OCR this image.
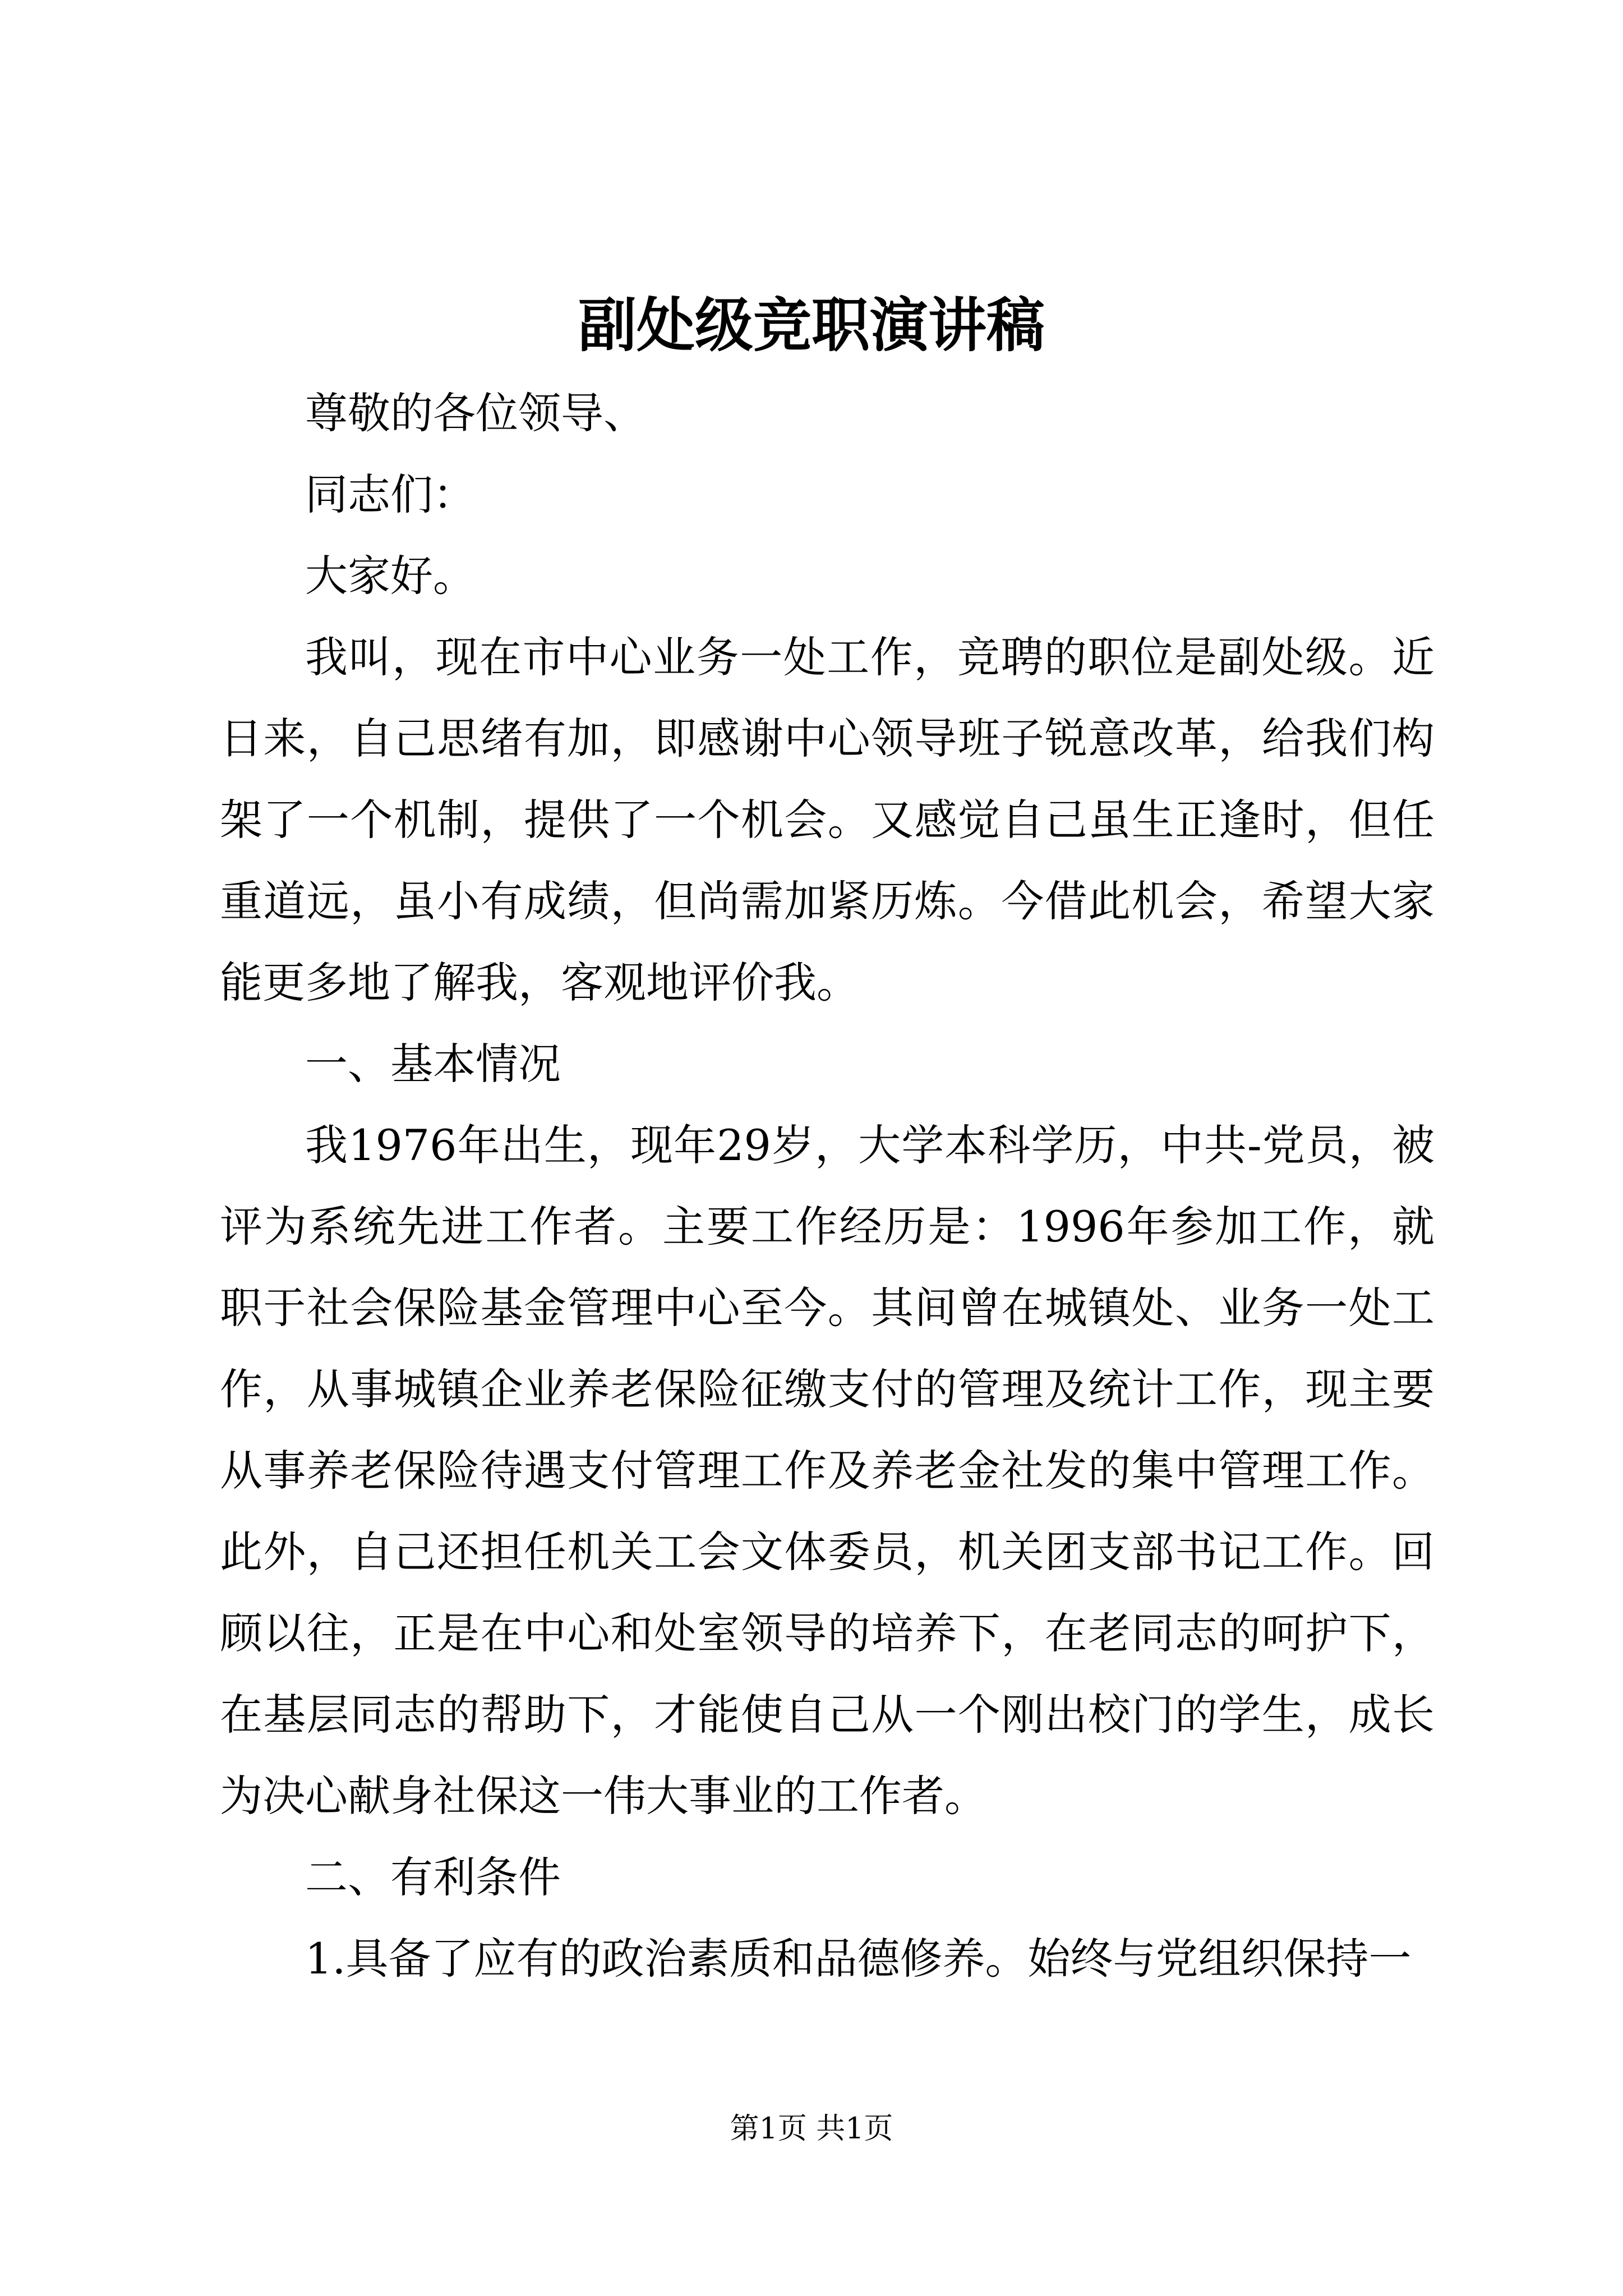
副处级竞职演讲稿

尊敬的各位领导、

同志们：

大家好。

我叫，现在市中心业务一处工作，竞聘的职位是副处级。近日来，自己思绪有加，即感谢中心领导班子锐意改革，给我们构架了一个机制，提供了一个机会。又感觉自己虽生正逢时，但任重道远，虽小有成绩，但尚需加紧历炼。今借此机会，希望大家能更多地了解我，客观地评价我。

一、基本情况

我1976年出生，现年29岁，大学本科学历，中共-党员，被评为系统先进工作者。主要工作经历是：1996年参加工作，就职于社会保险基金管理中心至今。其间曾在城镇处、业务一处工作，从事城镇企业养老保险征缴支付的管理及统计工作，现主要从事养老保险待遇支付管理工作及养老金社发的集中管理工作。此外，自己还担任机关工会文体委员，机关团支部书记工作。回顾以往，正是在中心和处室领导的培养下，在老同志的呵护下，在基层同志的帮助下，才能使自己从一个刚出校门的学生，成长为决心献身社保这一伟大事业的工作者。

二、有利条件

1.具备了应有的政治素质和品德修养。始终与党组织保持一

第1页 共1页
